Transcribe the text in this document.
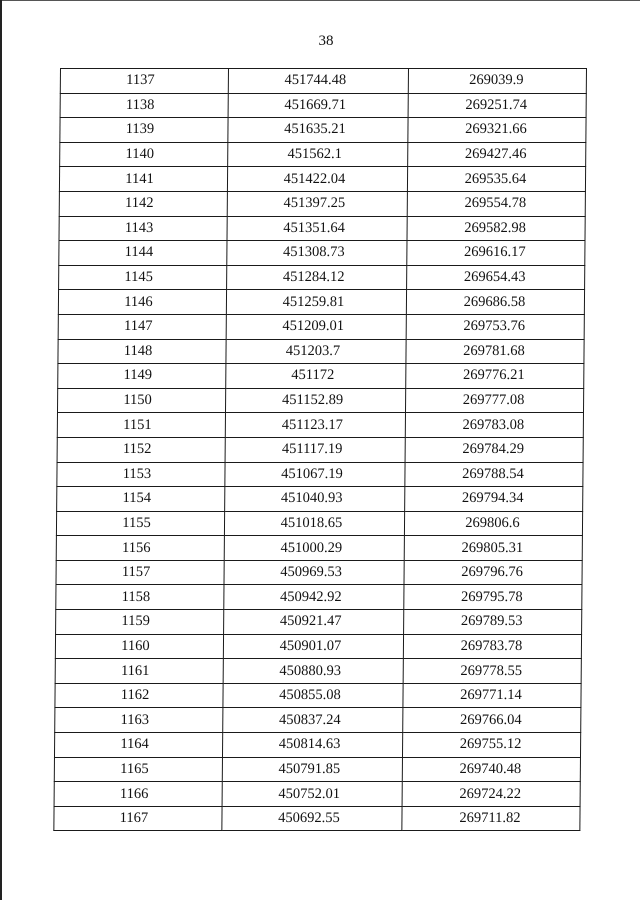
38
1137	451744.48	269039.9
1138	451669.71	269251.74
1139	451635.21	269321.66
1140	451562.1	269427.46
1141	451422.04	269535.64
1142	451397.25	269554.78
1143	451351.64	269582.98
1144	451308.73	269616.17
1145	451284.12	269654.43
1146	451259.81	269686.58
1147	451209.01	269753.76
1148	451203.7	269781.68
1149	451172	269776.21
1150	451152.89	269777.08
1151	451123.17	269783.08
1152	451117.19	269784.29
1153	451067.19	269788.54
1154	451040.93	269794.34
1155	451018.65	269806.6
1156	451000.29	269805.31
1157	450969.53	269796.76
1158	450942.92	269795.78
1159	450921.47	269789.53
1160	450901.07	269783.78
1161	450880.93	269778.55
1162	450855.08	269771.14
1163	450837.24	269766.04
1164	450814.63	269755.12
1165	450791.85	269740.48
1166	450752.01	269724.22
1167	450692.55	269711.82
